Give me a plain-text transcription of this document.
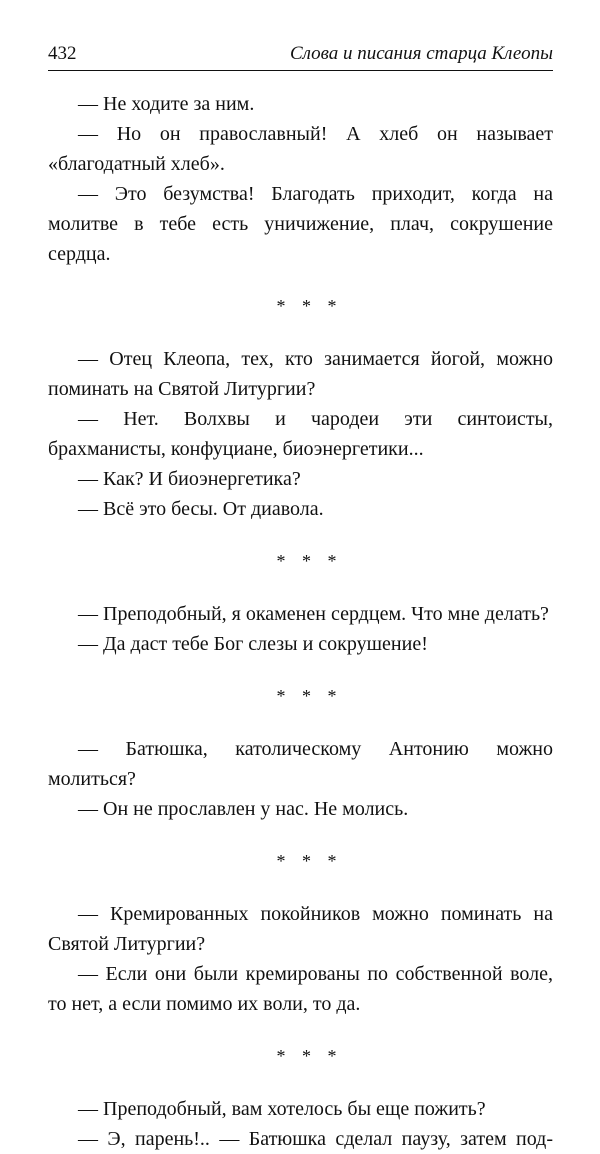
432	Слова и писания старца Клеопы

— Не ходите за ним.

— Но он православный! А хлеб он называет «благодатный хлеб».

— Это безумства! Благодать приходит, когда на молитве в тебе есть уничижение, плач, сокрушение сердца.

* * *

— Отец Клеопа, тех, кто занимается йогой, можно поминать на Святой Литургии?

— Нет. Волхвы и чародеи эти синтоисты, брахманисты, конфуциане, биоэнергетики...

— Как? И биоэнергетика?

— Всё это бесы. От диавола.

* * *

— Преподобный, я окаменен сердцем. Что мне делать?

— Да даст тебе Бог слезы и сокрушение!

* * *

— Батюшка, католическому Антонию можно молиться?

— Он не прославлен у нас. Не молись.

* * *

— Кремированных покойников можно поминать на Святой Литургии?

— Если они были кремированы по собственной воле, то нет, а если помимо их воли, то да.

* * *

— Преподобный, вам хотелось бы еще пожить?

— Э, парень!.. — Батюшка сделал паузу, затем под-
